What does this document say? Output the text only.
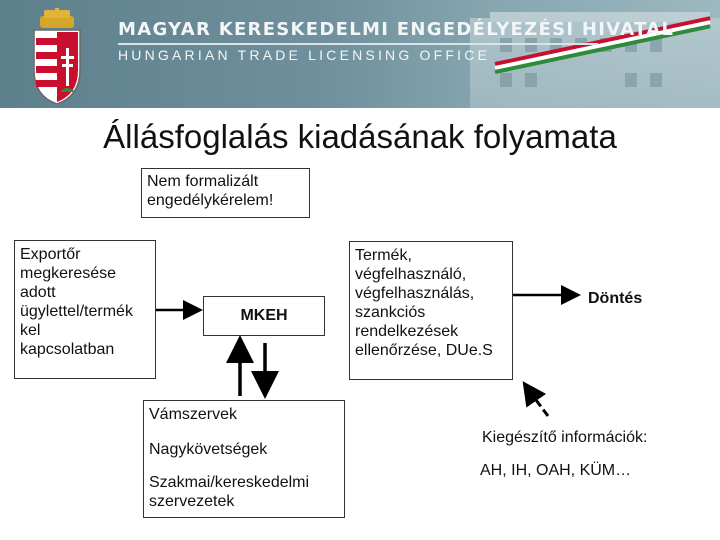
MAGYAR KERESKEDELMI ENGEDÉLYEZÉSI HIVATAL
HUNGARIAN TRADE LICENSING OFFICE
Állásfoglalás kiadásának folyamata
Nem formalizált
engedélykérelem!
Exportőr
megkeresése
adott
ügylettel/termék
kel
kapcsolatban
MKEH
Termék,
végfelhasználó,
végfelhasználás,
szankciós
rendelkezések
ellenőrzése, DUe.S
Döntés
Vámszervek
Nagykövetségek
Szakmai/kereskedelmi
szervezetek
Kiegészítő információk:
AH, IH, OAH, KÜM…
